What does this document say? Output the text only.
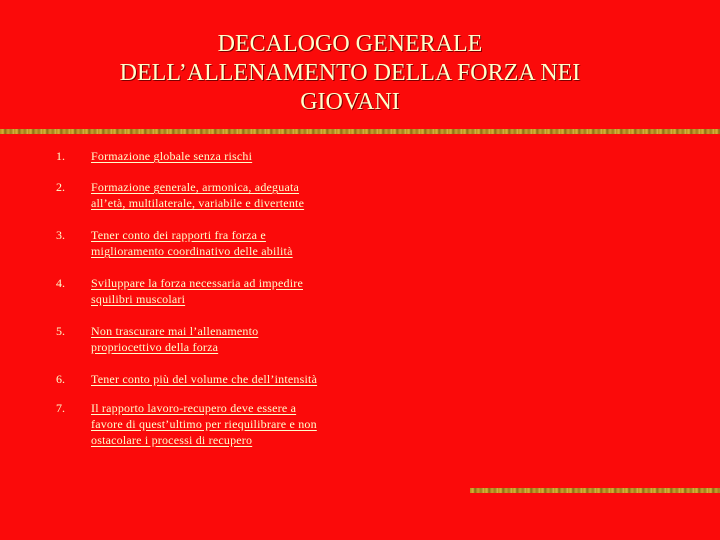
DECALOGO GENERALE
DELL’ALLENAMENTO DELLA FORZA NEI
GIOVANI
1.	Formazione globale senza rischi
2.	Formazione generale, armonica, adeguata
all’età, multilaterale, variabile e divertente
3.	Tener conto dei rapporti fra forza e
miglioramento coordinativo delle abilità
4.	Sviluppare la forza necessaria ad impedire
squilibri muscolari
5.	Non trascurare mai l’allenamento
propriocettivo della forza
6.	Tener conto più del volume che dell’intensità
7.	Il rapporto lavoro-recupero deve essere a
favore di quest’ultimo per riequilibrare e non
ostacolare i processi di recupero
